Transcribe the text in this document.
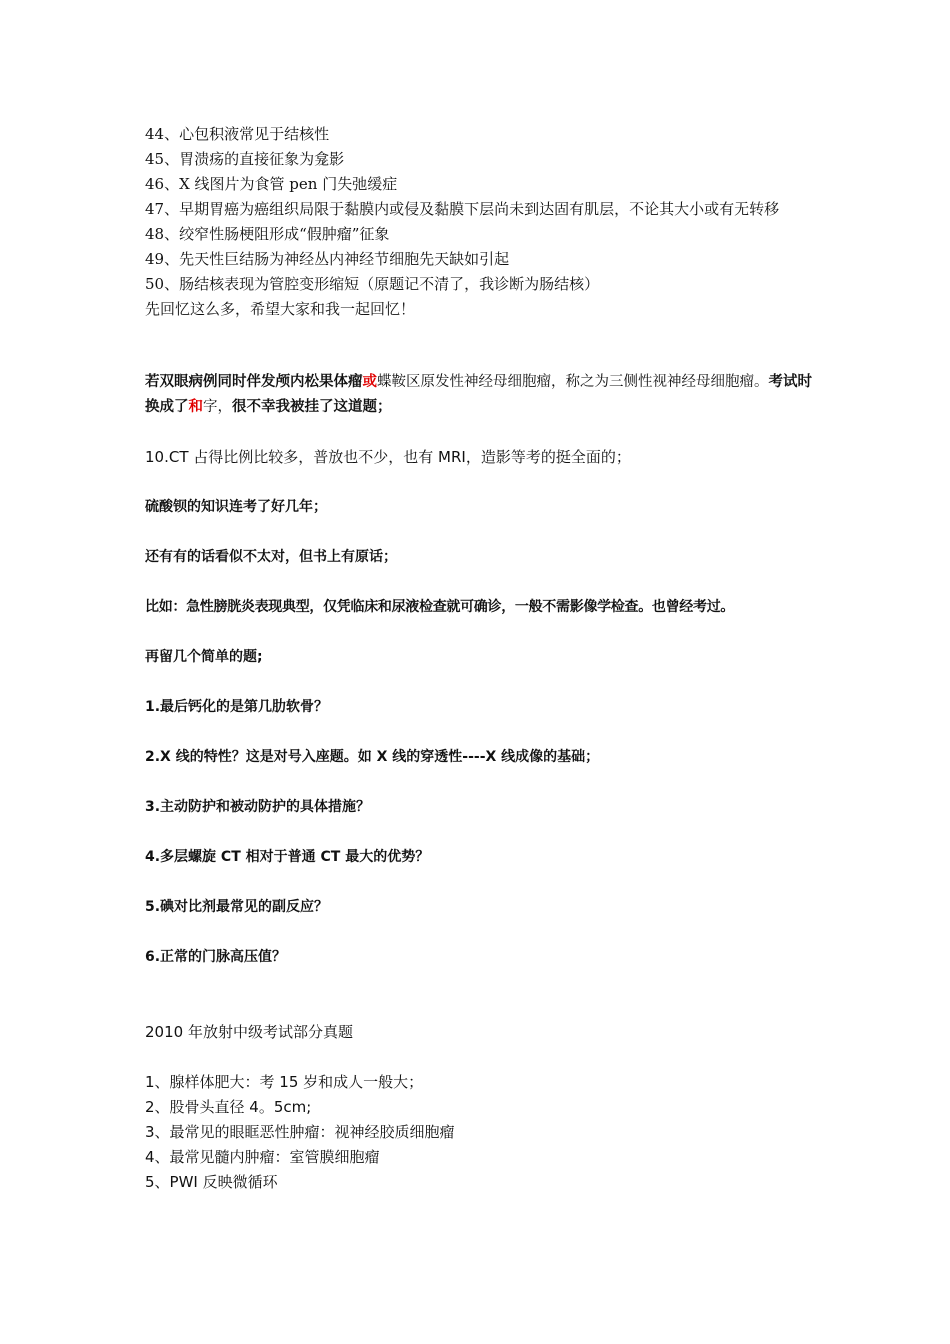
44、心包积液常见于结核性

45、胃溃疡的直接征象为龛影

46、X 线图片为食管 pen 门失弛缓症

47、早期胃癌为癌组织局限于黏膜内或侵及黏膜下层尚未到达固有肌层，不论其大小或有无转移

48、绞窄性肠梗阻形成“假肿瘤”征象

49、先天性巨结肠为神经丛内神经节细胞先天缺如引起

50、肠结核表现为管腔变形缩短（原题记不清了，我诊断为肠结核）

先回忆这么多，希望大家和我一起回忆！

若双眼病例同时伴发颅内松果体瘤或蝶鞍区原发性神经母细胞瘤，称之为三侧性视神经母细胞瘤。考试时换成了和字，很不幸我被挂了这道题；

10.CT 占得比例比较多，普放也不少，也有 MRI，造影等考的挺全面的；

硫酸钡的知识连考了好几年；

还有有的话看似不太对，但书上有原话；

比如：急性膀胱炎表现典型，仅凭临床和尿液检查就可确诊，一般不需影像学检查。也曾经考过。

再留几个简单的题;

1.最后钙化的是第几肋软骨？

2.X 线的特性？这是对号入座题。如 X 线的穿透性----X 线成像的基础；

3.主动防护和被动防护的具体措施？

4.多层螺旋 CT 相对于普通 CT 最大的优势？

5.碘对比剂最常见的副反应？

6.正常的门脉高压值？

2010 年放射中级考试部分真题

1、腺样体肥大：考 15 岁和成人一般大；

2、股骨头直径 4。5cm;

3、最常见的眼眶恶性肿瘤：视神经胶质细胞瘤

4、最常见髓内肿瘤：室管膜细胞瘤

5、PWI 反映微循环
